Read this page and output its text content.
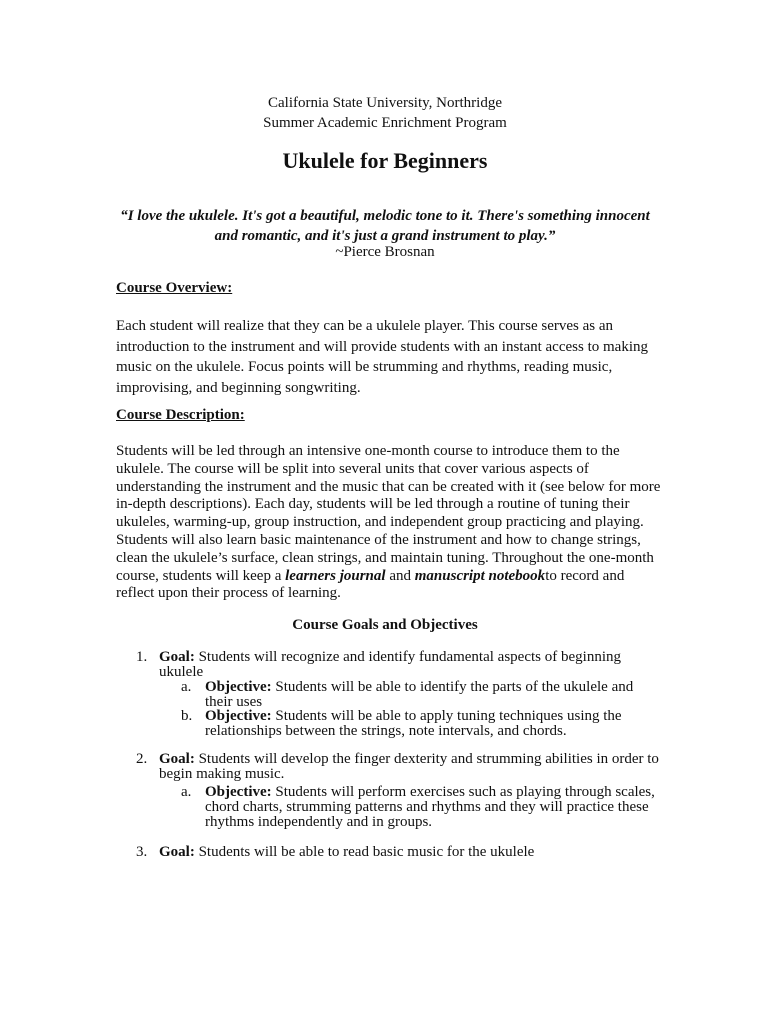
California State University, Northridge
Summer Academic Enrichment Program
Ukulele for Beginners
“I love the ukulele. It's got a beautiful, melodic tone to it. There's something innocent and romantic, and it's just a grand instrument to play.”
~Pierce Brosnan
Course Overview:
Each student will realize that they can be a ukulele player. This course serves as an introduction to the instrument and will provide students with an instant access to making music on the ukulele. Focus points will be strumming and rhythms, reading music, improvising, and beginning songwriting.
Course Description:
Students will be led through an intensive one-month course to introduce them to the ukulele. The course will be split into several units that cover various aspects of understanding the instrument and the music that can be created with it (see below for more in-depth descriptions). Each day, students will be led through a routine of tuning their ukuleles, warming-up, group instruction, and independent group practicing and playing. Students will also learn basic maintenance of the instrument and how to change strings, clean the ukulele’s surface, clean strings, and maintain tuning. Throughout the one-month course, students will keep a learners journal and manuscript notebookto record and reflect upon their process of learning.
Course Goals and Objectives
1. Goal: Students will recognize and identify fundamental aspects of beginning ukulele
a. Objective: Students will be able to identify the parts of the ukulele and their uses
b. Objective: Students will be able to apply tuning techniques using the relationships between the strings, note intervals, and chords.
2. Goal: Students will develop the finger dexterity and strumming abilities in order to begin making music.
a. Objective: Students will perform exercises such as playing through scales, chord charts, strumming patterns and rhythms and they will practice these rhythms independently and in groups.
3. Goal: Students will be able to read basic music for the ukulele
